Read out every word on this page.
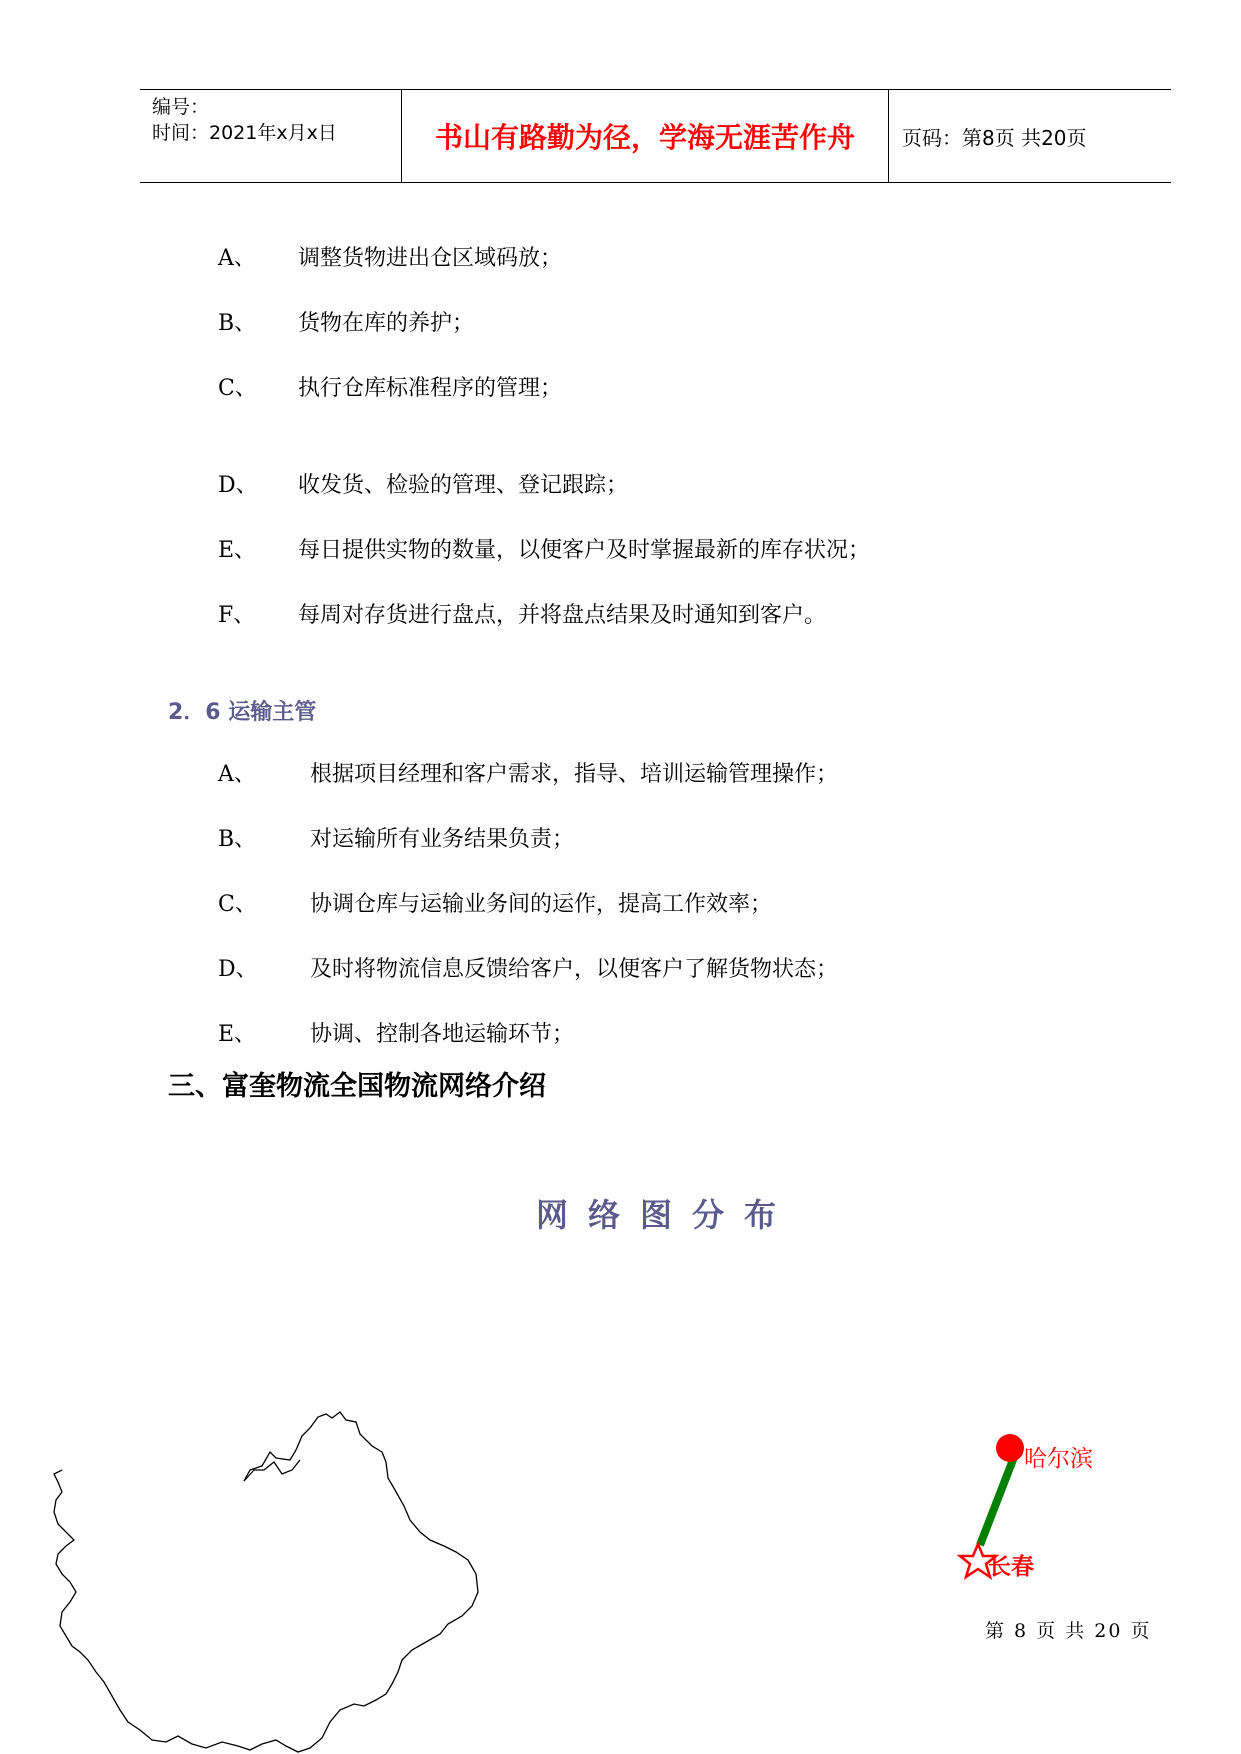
编号：
时间：2021年x月x日	书山有路勤为径，学海无涯苦作舟	页码：第8页 共20页
A、 调整货物进出仓区域码放；
B、 货物在库的养护；
C、 执行仓库标准程序的管理；
D、 收发货、检验的管理、登记跟踪；
E、 每日提供实物的数量，以便客户及时掌握最新的库存状况；
F、 每周对存货进行盘点，并将盘点结果及时通知到客户。
2．6 运输主管
A、 根据项目经理和客户需求，指导、培训运输管理操作；
B、 对运输所有业务结果负责；
C、 协调仓库与运输业务间的运作，提高工作效率；
D、 及时将物流信息反馈给客户，以便客户了解货物状态；
E、 协调、控制各地运输环节；
三、富奎物流全国物流网络介绍
网络图分布
哈尔滨
长春
第 8 页 共 20 页
